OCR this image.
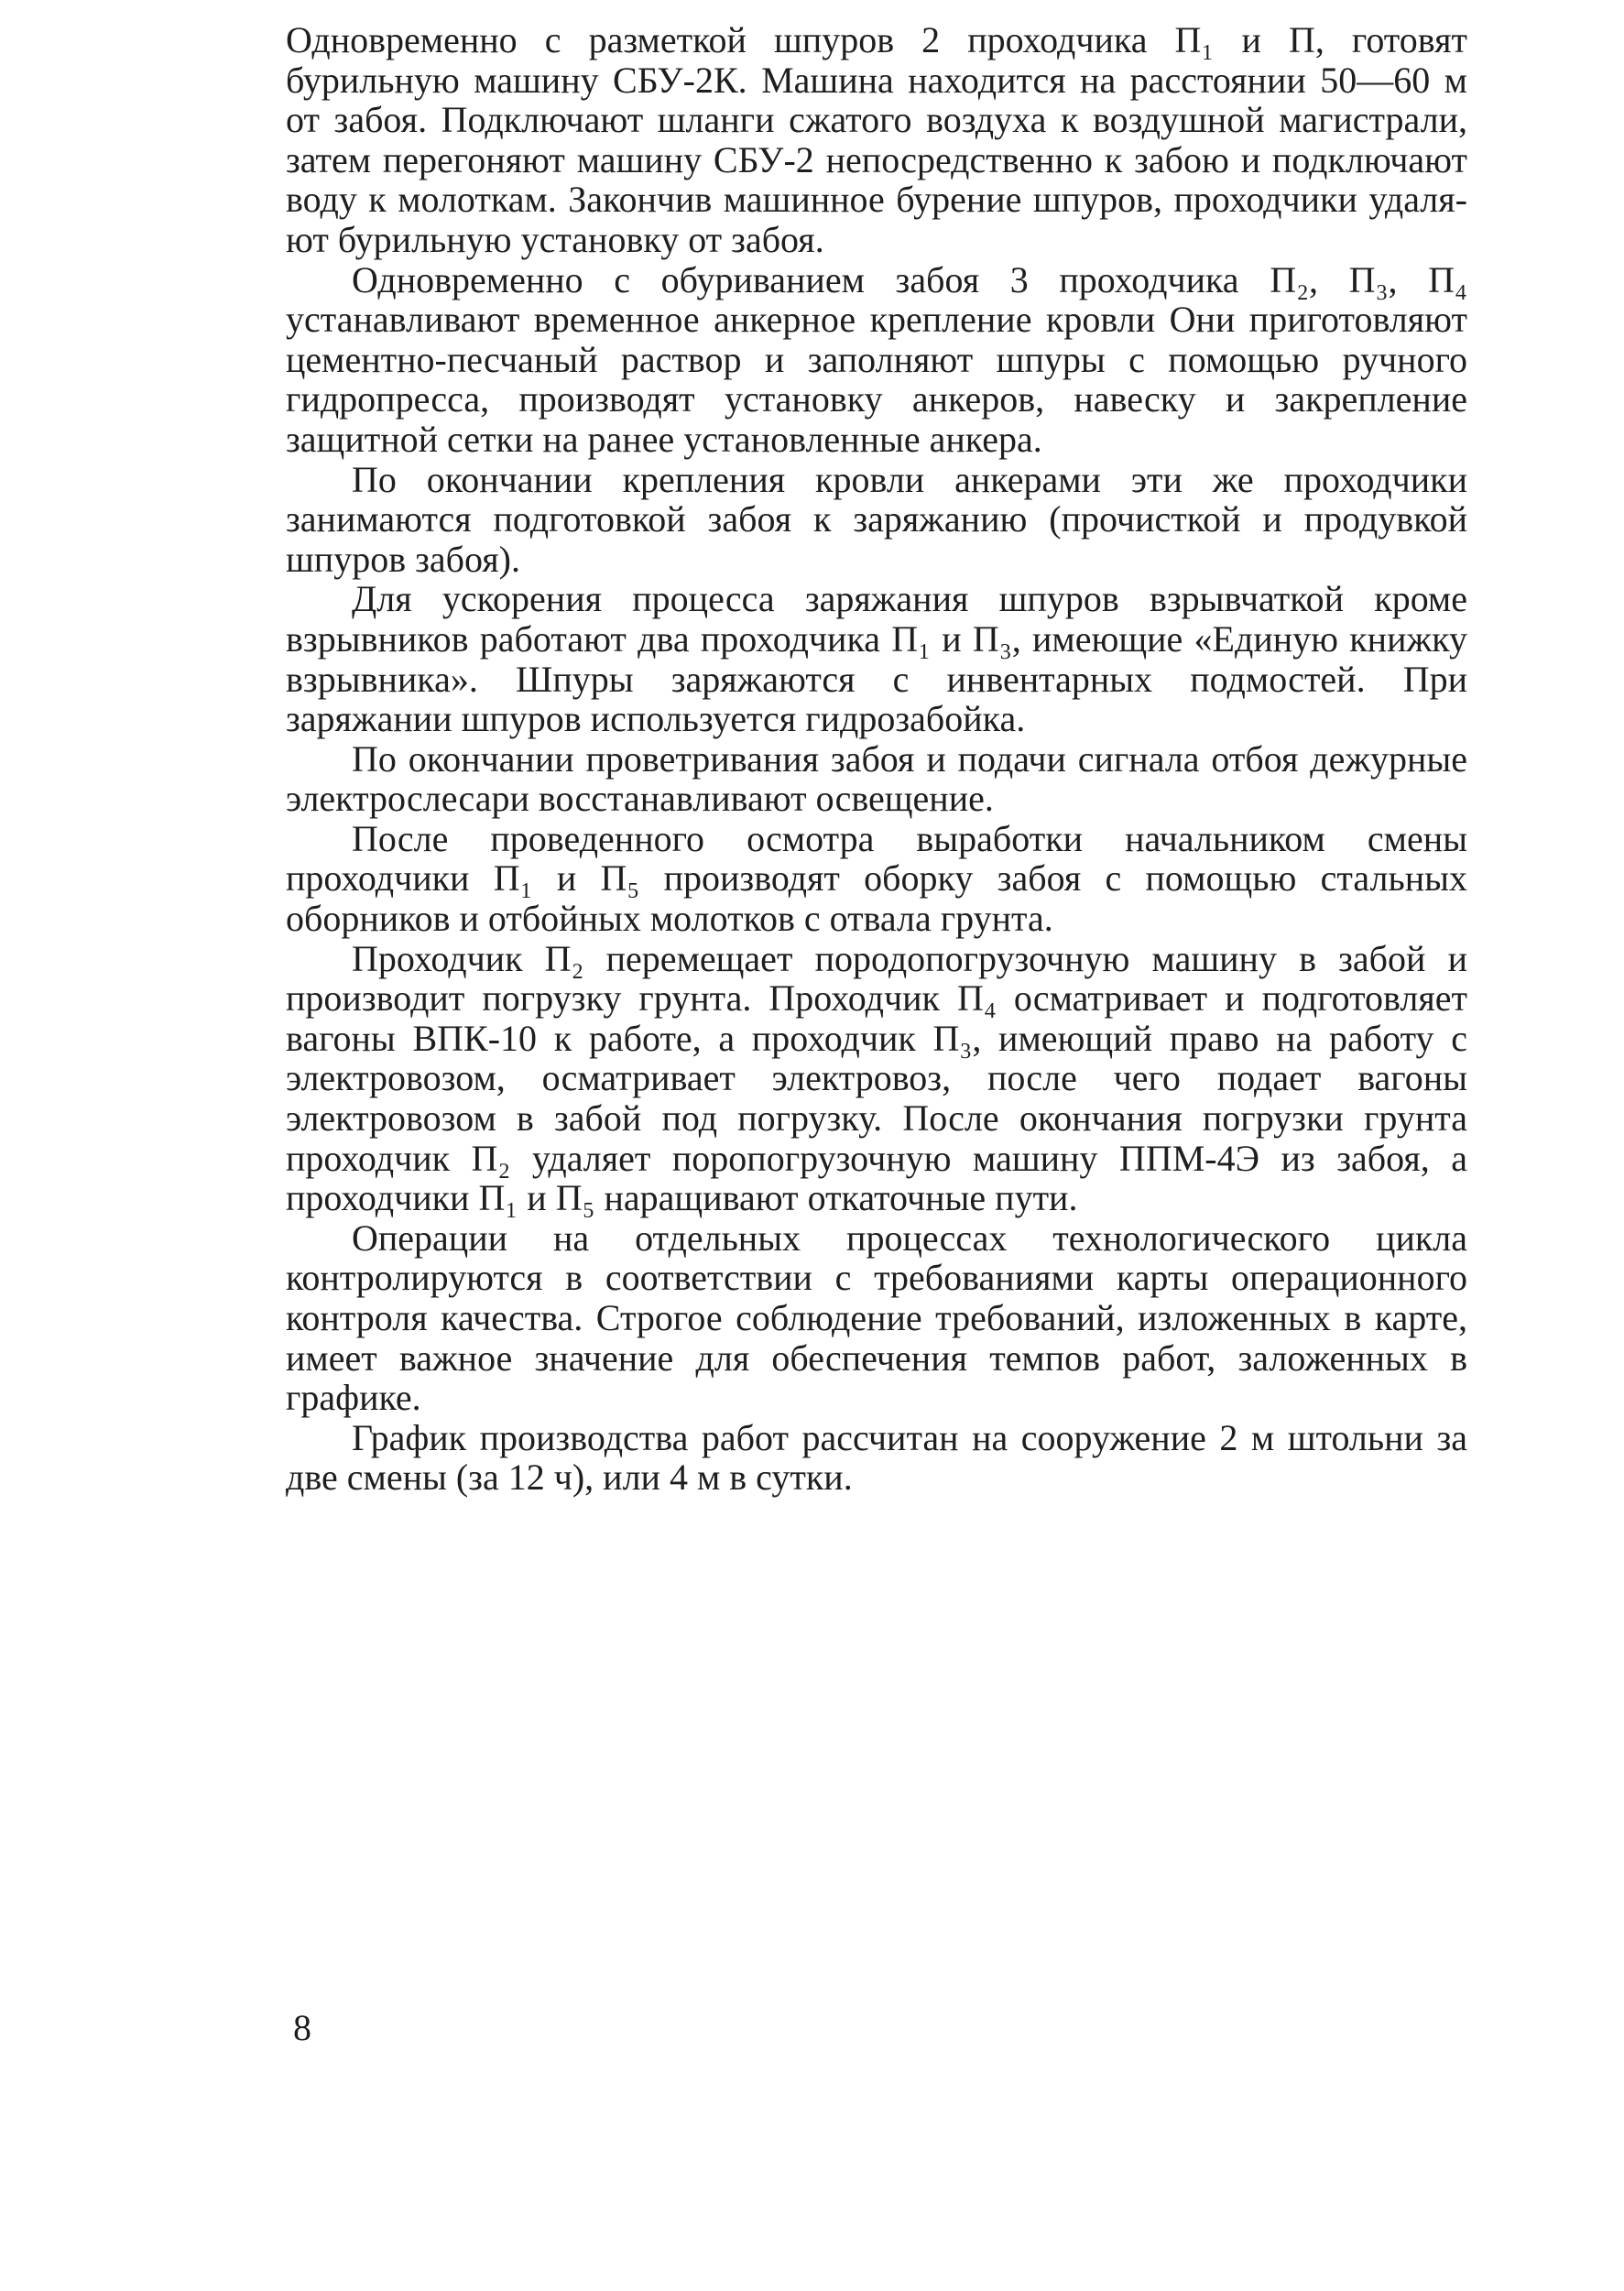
Одновременно с разметкой шпуров 2 проходчика П₁ и П, готовят бурильную машину СБУ-2К. Машина находится на расстоянии 50—60 м от забоя. Подключают шланги сжатого воздуха к воздушной магистрали, затем перегоняют машину СБУ-2 непосредственно к забою и подключают воду к молоткам. Закончив машинное бурение шпуров, проходчики удаляют бурильную установку от забоя.

Одновременно с обуриванием забоя 3 проходчика П₂, П₃, П₄ устанавливают временное анкерное крепление кровли Они приготовляют цементно-песчаный раствор и заполняют шпуры с помощью ручного гидропресса, производят установку анкеров, навеску и закрепление защитной сетки на ранее установленные анкера.

По окончании крепления кровли анкерами эти же проходчики занимаются подготовкой забоя к заряжанию (прочисткой и продувкой шпуров забоя).

Для ускорения процесса заряжания шпуров взрывчаткой кроме взрывников работают два проходчика П₁ и П₃, имеющие «Единую книжку взрывника». Шпуры заряжаются с инвентарных подмостей. При заряжании шпуров используется гидрозабойка.

По окончании проветривания забоя и подачи сигнала отбоя дежурные электрослесари восстанавливают освещение.

После проведенного осмотра выработки начальником смены проходчики П₁ и П₅ производят оборку забоя с помощью стальных оборников и отбойных молотков с отвала грунта.

Проходчик П₂ перемещает породопогрузочную машину в забой и производит погрузку грунта. Проходчик П₄ осматривает и подготовляет вагоны ВПК-10 к работе, а проходчик П₃, имеющий право на работу с электровозом, осматривает электровоз, после чего подает вагоны электровозом в забой под погрузку. После окончания погрузки грунта проходчик П₂ удаляет поропогрузочную машину ППМ-4Э из забоя, а проходчики П₁ и П₅ наращивают откаточные пути.

Операции на отдельных процессах технологического цикла контролируются в соответствии с требованиями карты операционного контроля качества. Строгое соблюдение требований, изложенных в карте, имеет важное значение для обеспечения темпов работ, заложенных в графике.

График производства работ рассчитан на сооружение 2 м штольни за две смены (за 12 ч), или 4 м в сутки.

8
